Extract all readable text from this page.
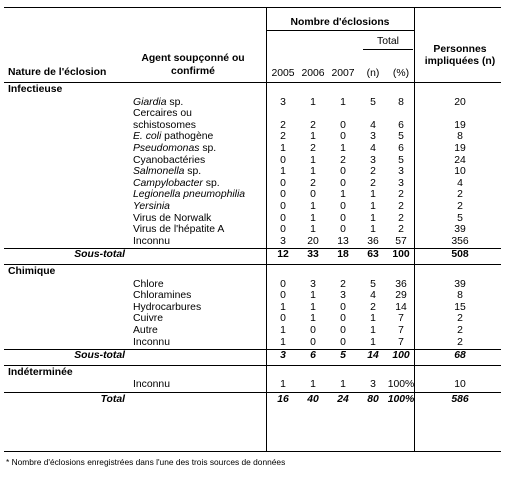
Nombre d'éclosions
Total
Nature de l'éclosion
Agent soupçonné ou confirmé	2005 2006 2007	(n)	(%)
Personnes impliquées (n)
Infectieuse
Giardia sp.	3	1	1	5	8	20
Cercaires ou
schistosomes	2	2	0	4	6	19
E. coli pathogène	2	1	0	3	5	8
Pseudomonas sp.	1	2	1	4	6	19
Cyanobactéries	0	1	2	3	5	24
Salmonella sp.	1	1	0	2	3	10
Campylobacter sp.	0	2	0	2	3	4
Legionella pneumophilia	0	0	1	1	2	2
Yersinia	0	1	0	1	2	2
Virus de Norwalk	0	1	0	1	2	5
Virus de l'hépatite A	0	1	0	1	2	39
Inconnu	3	20	13	36	57	356
Sous-total	12	33	18	63	100	508
Chimique
Chlore	0	3	2	5	36	39
Chloramines	0	1	3	4	29	8
Hydrocarbures	1	1	0	2	14	15
Cuivre	0	1	0	1	7	2
Autre	1	0	0	1	7	2
Inconnu	1	0	0	1	7	2
Sous-total	3	6	5	14	100	68
Indéterminée
Inconnu	1	1	1	3	100%	10
Total	16	40	24	80 100%	586
* Nombre d'éclosions enregistrées dans l'une des trois sources de données
